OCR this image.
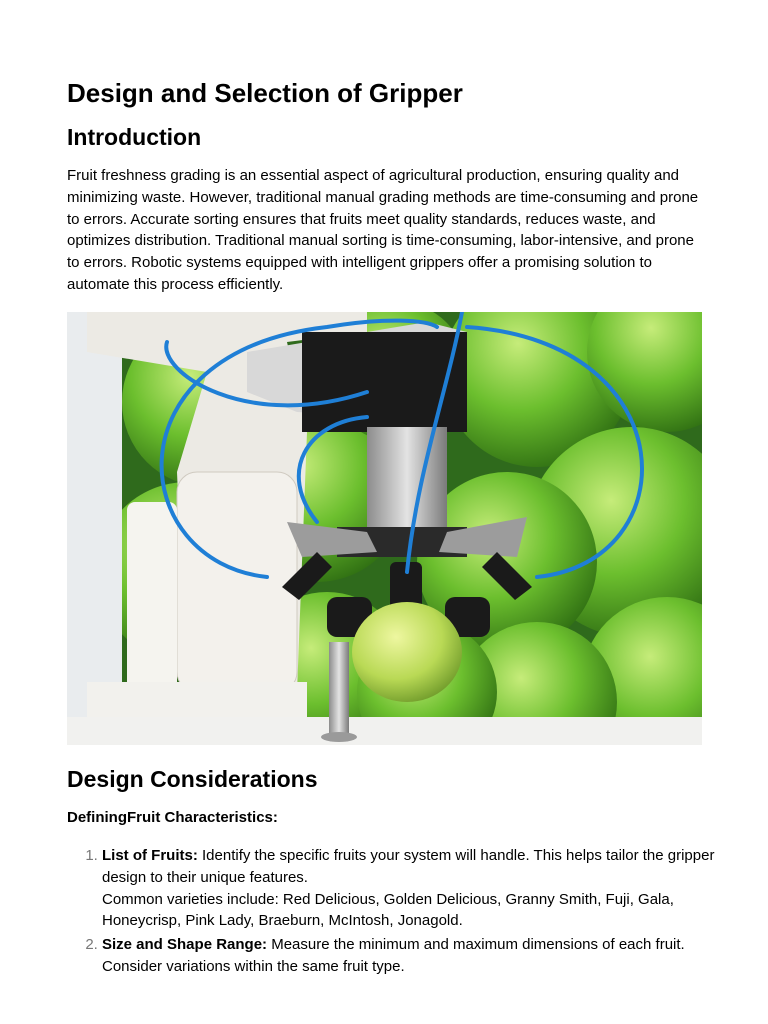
Design and Selection of Gripper
Introduction

Fruit freshness grading is an essential aspect of agricultural production, ensuring quality and minimizing waste. However, traditional manual grading methods are time-consuming and prone to errors. Accurate sorting ensures that fruits meet quality standards, reduces waste, and optimizes distribution. Traditional manual sorting is time-consuming, labor-intensive, and prone to errors. Robotic systems equipped with intelligent grippers offer a promising solution to automate this process efficiently.

Design Considerations

DefiningFruit Characteristics:

1. List of Fruits: Identify the specific fruits your system will handle. This helps tailor the gripper design to their unique features.
Common varieties include: Red Delicious, Golden Delicious, Granny Smith, Fuji, Gala, Honeycrisp, Pink Lady, Braeburn, McIntosh, Jonagold.
2. Size and Shape Range: Measure the minimum and maximum dimensions of each fruit. Consider variations within the same fruit type.
